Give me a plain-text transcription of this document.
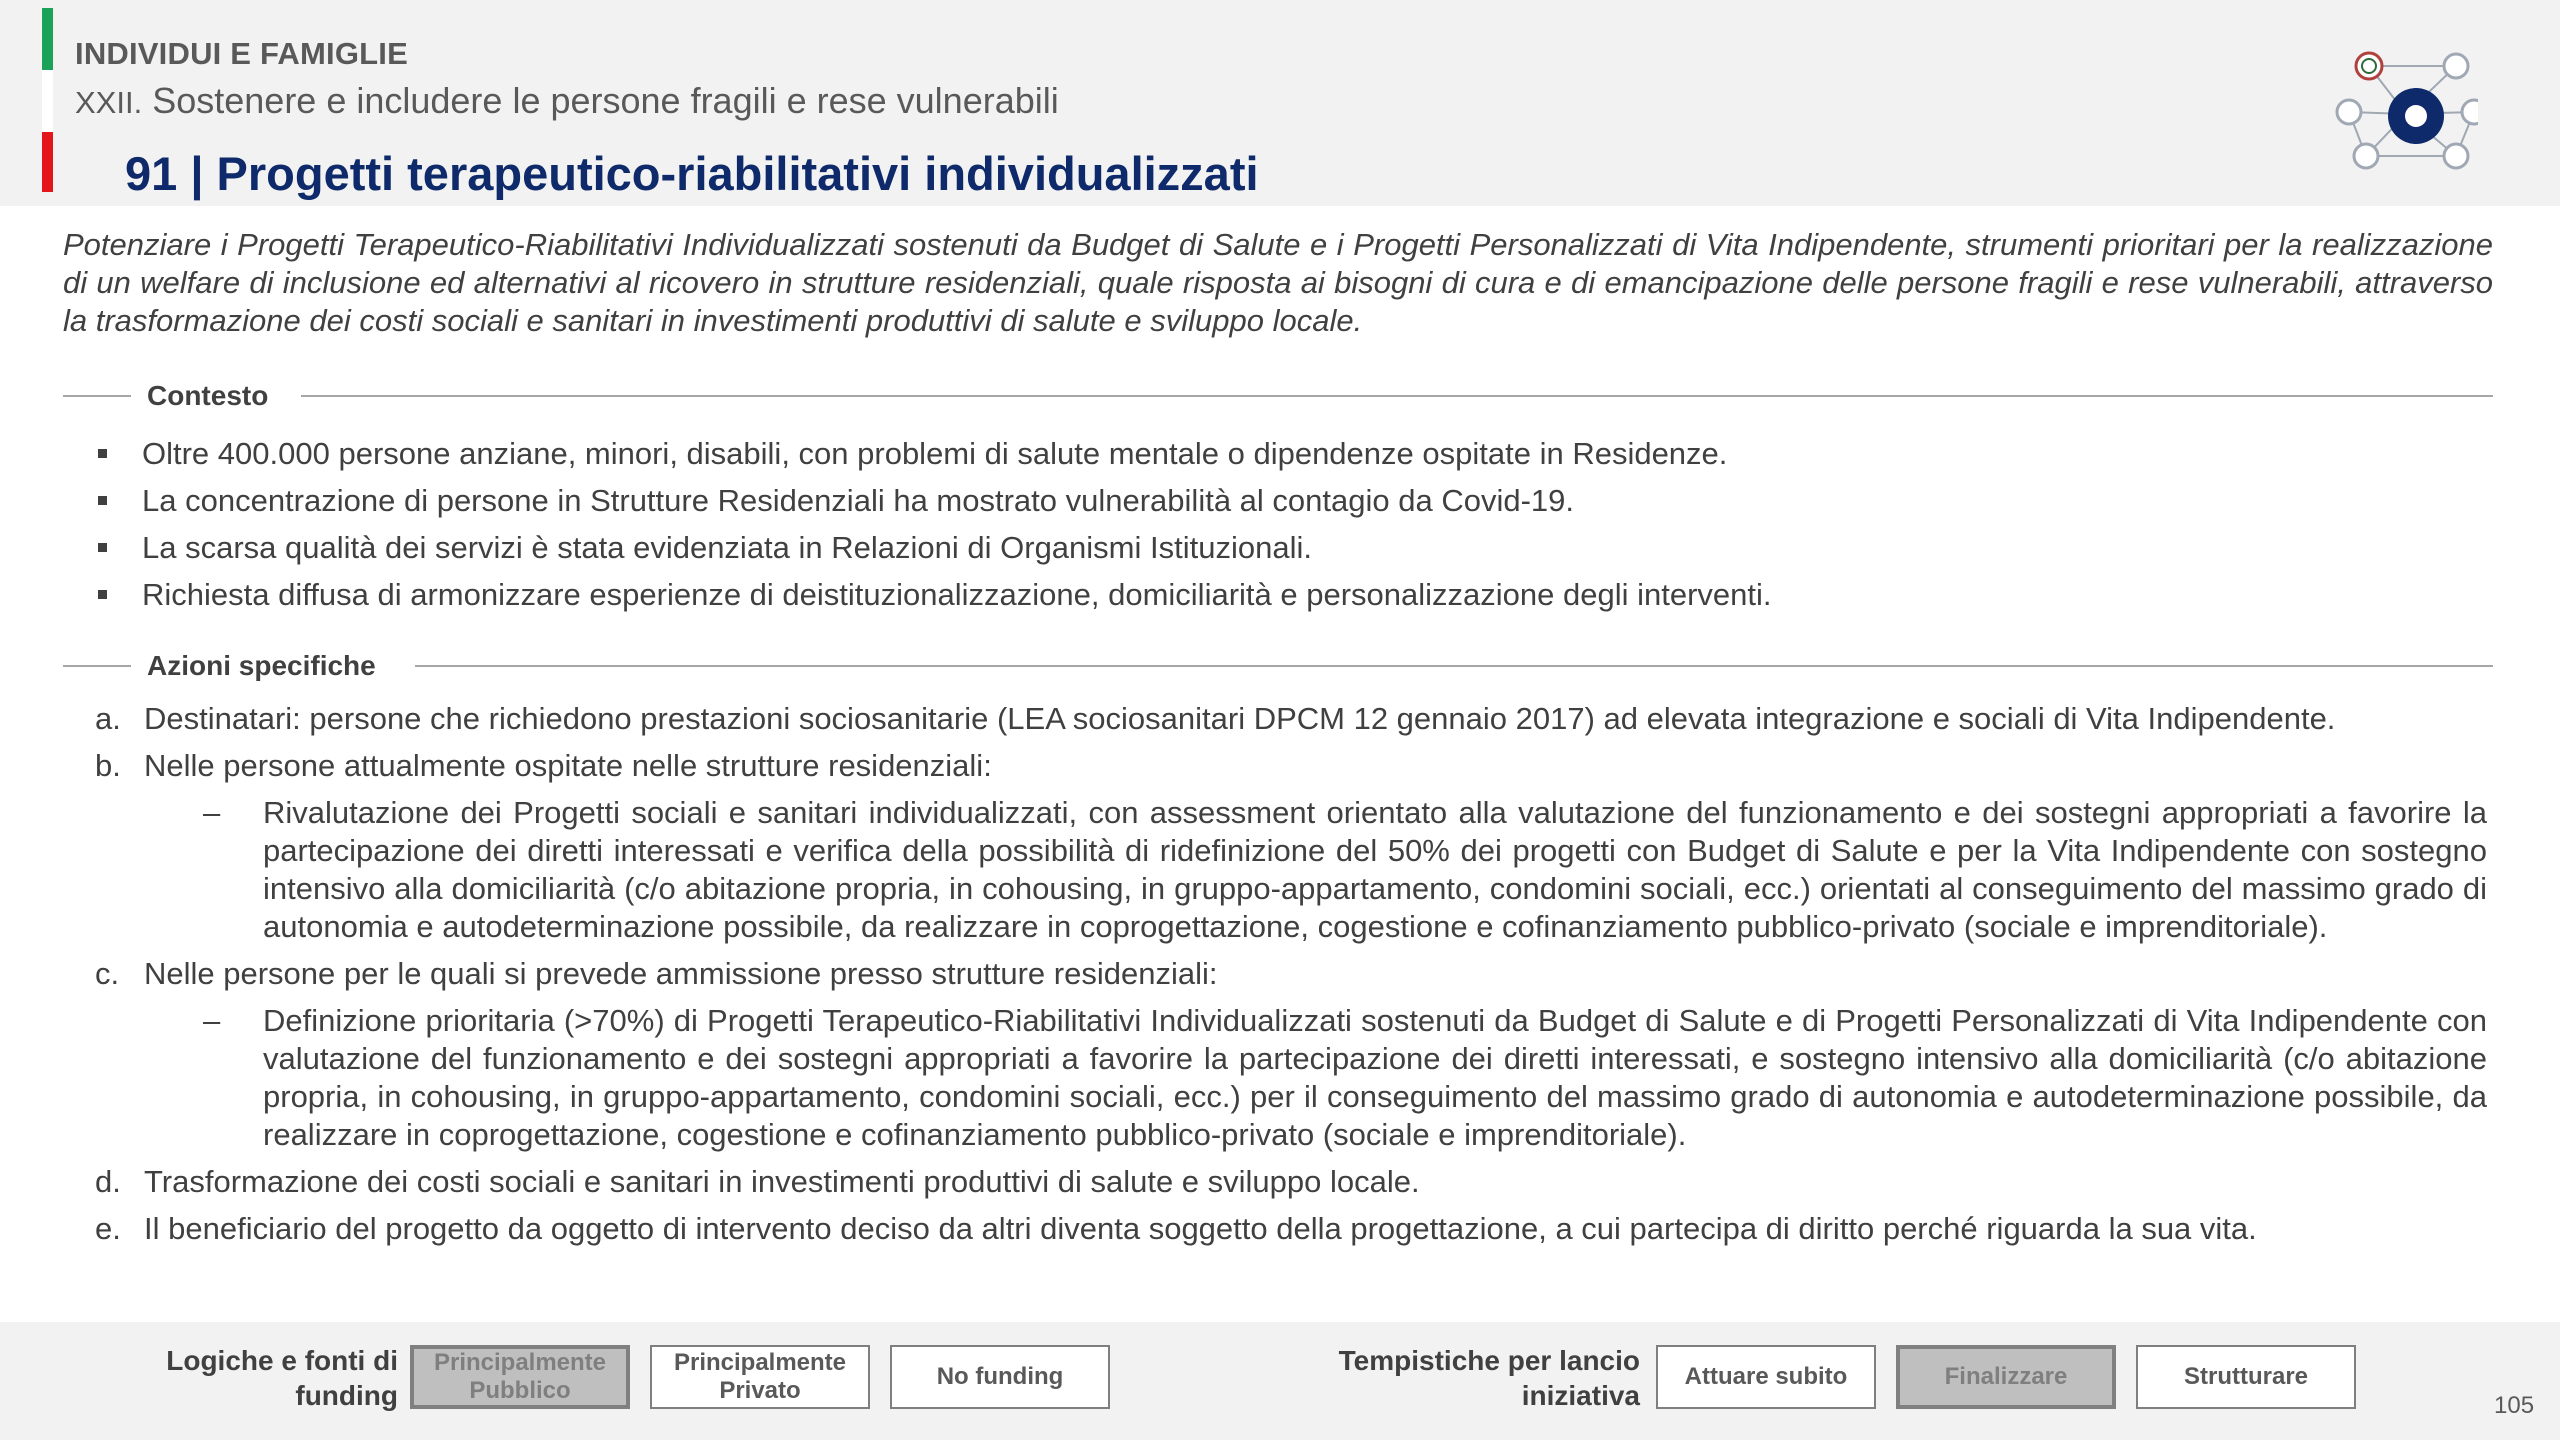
INDIVIDUI E FAMIGLIE
XXII. Sostenere e includere le persone fragili e rese vulnerabili
91 | Progetti terapeutico-riabilitativi individualizzati

Potenziare i Progetti Terapeutico-Riabilitativi Individualizzati sostenuti da Budget di Salute e i Progetti Personalizzati di Vita Indipendente, strumenti prioritari per la realizzazione di un welfare di inclusione ed alternativi al ricovero in strutture residenziali, quale risposta ai bisogni di cura e di emancipazione delle persone fragili e rese vulnerabili, attraverso la trasformazione dei costi sociali e sanitari in investimenti produttivi di salute e sviluppo locale.

Contesto
Oltre 400.000 persone anziane, minori, disabili, con problemi di salute mentale o dipendenze ospitate in Residenze.
La concentrazione di persone in Strutture Residenziali ha mostrato vulnerabilità al contagio da Covid-19.
La scarsa qualità dei servizi è stata evidenziata in Relazioni di Organismi Istituzionali.
Richiesta diffusa di armonizzare esperienze di deistituzionalizzazione, domiciliarità e personalizzazione degli interventi.
Azioni specifiche
a. Destinatari: persone che richiedono prestazioni sociosanitarie (LEA sociosanitari DPCM 12 gennaio 2017) ad elevata integrazione e sociali di Vita Indipendente.
b. Nelle persone attualmente ospitate nelle strutture residenziali:
– Rivalutazione dei Progetti sociali e sanitari individualizzati, con assessment orientato alla valutazione del funzionamento e dei sostegni appropriati a favorire la partecipazione dei diretti interessati e verifica della possibilità di ridefinizione del 50% dei progetti con Budget di Salute e per la Vita Indipendente con sostegno intensivo alla domiciliarità (c/o abitazione propria, in cohousing, in gruppo-appartamento, condomini sociali, ecc.) orientati al conseguimento del massimo grado di autonomia e autodeterminazione possibile, da realizzare in coprogettazione, cogestione e cofinanziamento pubblico-privato (sociale e imprenditoriale).
c. Nelle persone per le quali si prevede ammissione presso strutture residenziali:
– Definizione prioritaria (>70%) di Progetti Terapeutico-Riabilitativi Individualizzati sostenuti da Budget di Salute e di Progetti Personalizzati di Vita Indipendente con valutazione del funzionamento e dei sostegni appropriati a favorire la partecipazione dei diretti interessati, e sostegno intensivo alla domiciliarità (c/o abitazione propria, in cohousing, in gruppo-appartamento, condomini sociali, ecc.) per il conseguimento del massimo grado di autonomia e autodeterminazione possibile, da realizzare in coprogettazione, cogestione e cofinanziamento pubblico-privato (sociale e imprenditoriale).
d. Trasformazione dei costi sociali e sanitari in investimenti produttivi di salute e sviluppo locale.
e. Il beneficiario del progetto da oggetto di intervento deciso da altri diventa soggetto della progettazione, a cui partecipa di diritto perché riguarda la sua vita.
Logiche e fonti di
funding
Principalmente
Pubblico
Principalmente
Privato
No funding
Tempistiche per lancio
iniziativa
Attuare subito	Finalizzare	Strutturare
105
